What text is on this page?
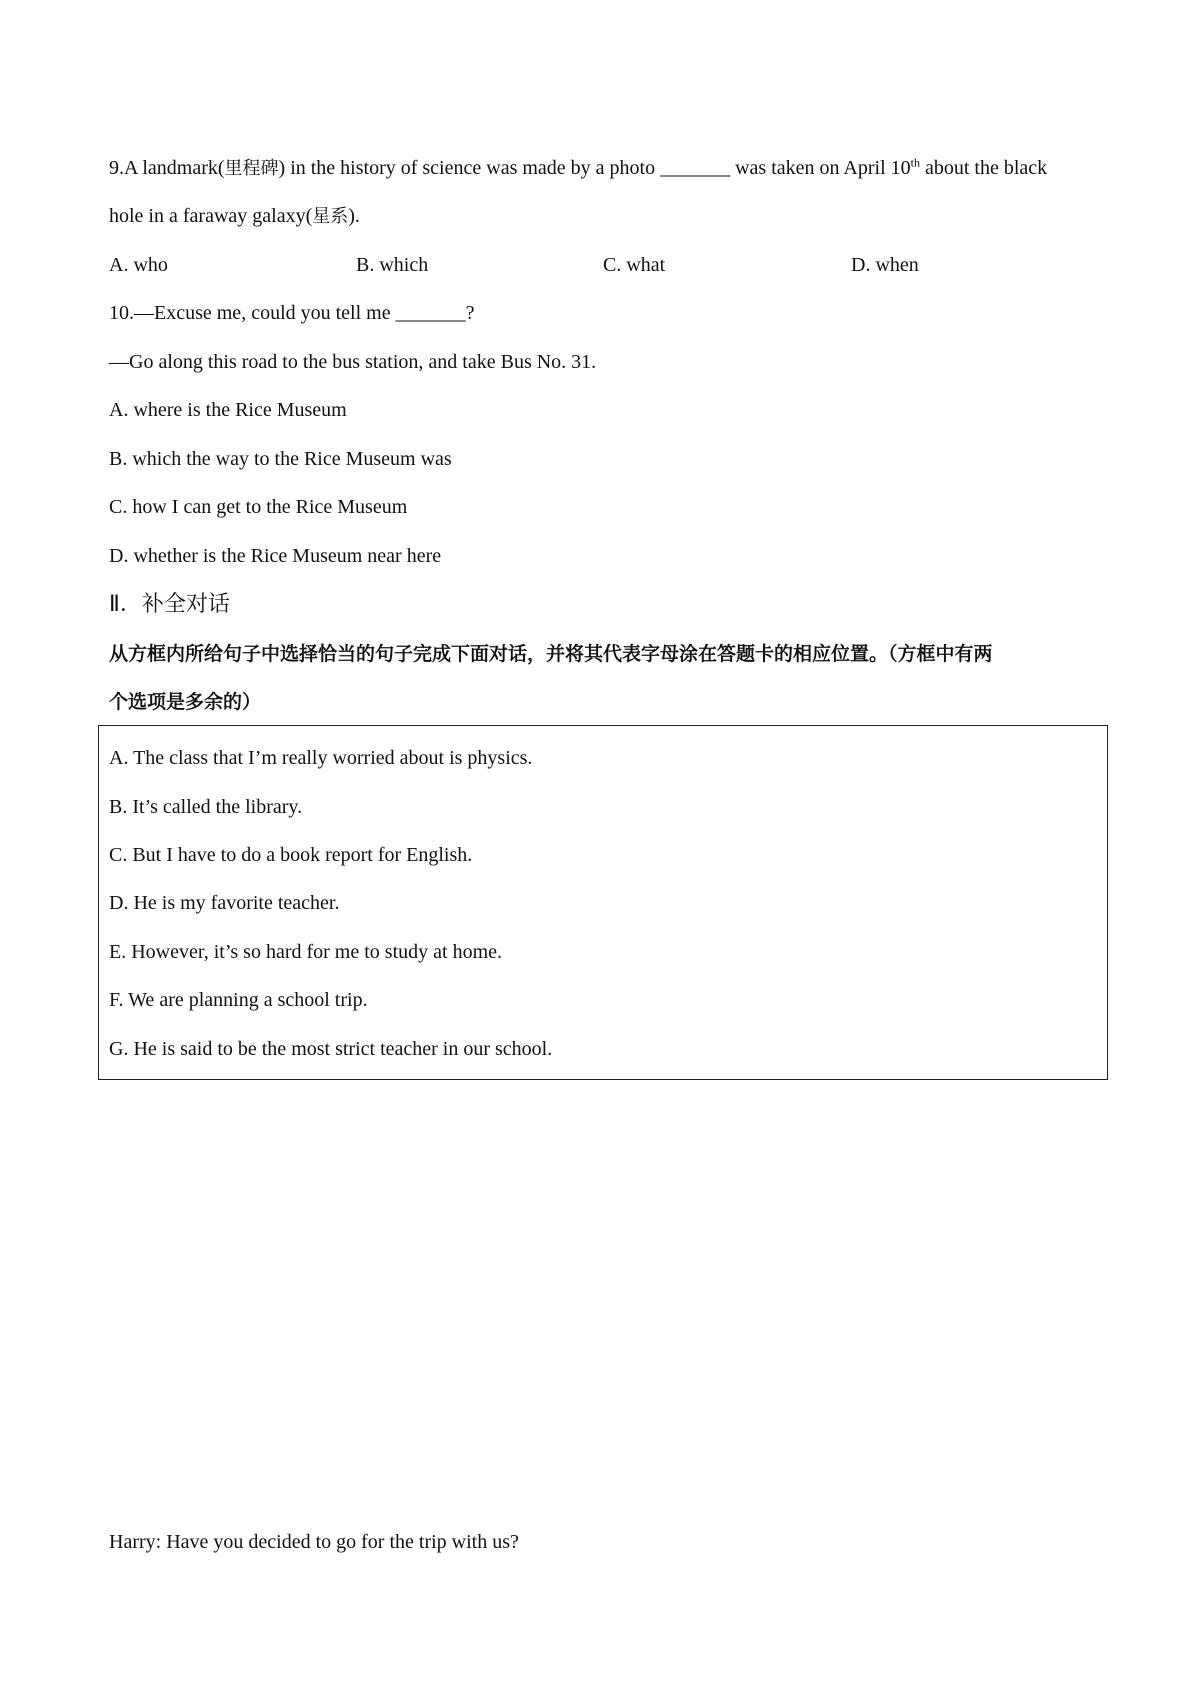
9.A landmark(里程碑) in the history of science was made by a photo _______ was taken on April 10th about the black
hole in a faraway galaxy(星系).
A. who	B. which	C. what	D. when
10.—Excuse me, could you tell me _______?
—Go along this road to the bus station, and take Bus No. 31.
A. where is the Rice Museum
B. which the way to the Rice Museum was
C. how I can get to the Rice Museum
D. whether is the Rice Museum near here
Ⅱ．补全对话
从方框内所给句子中选择恰当的句子完成下面对话，并将其代表字母涂在答题卡的相应位置。（方框中有两
个选项是多余的）
A. The class that I’m really worried about is physics.
B. It’s called the library.
C. But I have to do a book report for English.
D. He is my favorite teacher.
E. However, it’s so hard for me to study at home.
F. We are planning a school trip.
G. He is said to be the most strict teacher in our school.
Harry: Have you decided to go for the trip with us?
